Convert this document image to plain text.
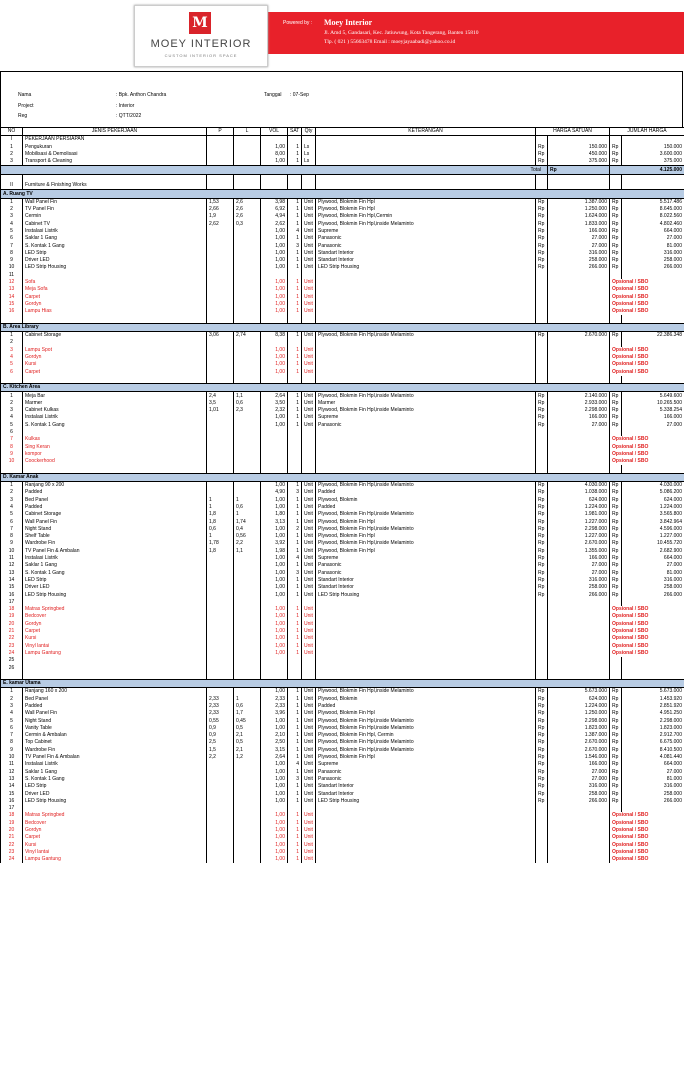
M
MOEY INTERIOR
CUSTOM INTERIOR SPACE
Powered by : Moey Interior
Jl. Amd 5, Gandasari, Kec. Jatiuwung, Kota Tangerang, Banten 15810
Tlp. ( 021 ) 55663478 Email : moeyjayaabadi@yahoo.co.id
Nama	: Bpk. Anthon Chandra	Tanggal : 07-Sep
Project	: Interior
Reg	: QTT/2022
NO	JENIS PEKERJAAN	P	L	VOL	SAT	Qty	KETERANGAN	HARGA SATUAN		JUMLAH HARGA	
I	PEKERJAAN PERSIAPAN										
1	Pengukuran			1,00	1	Ls		Rp	150.000	Rp	150.000
2	Mobilisasi & Demolisasi			8,00	1	Ls		Rp	450.000	Rp	3.600.000
3	Transport & Cleaning			1,00	1	Ls		Rp	375.000	Rp	375.000
Total									Rp	4.125.000	

II	Furniture & Finishing Works										
A. Ruang TV											
1	Wall Panel Fin	1,53	2,6	3,98	1	Unit	Plywood, Blokmin Fin Hpl	Rp	1.387.000	Rp	5.517.486
2	TV Panel Fin	2,66	2,6	6,92	1	Unit	Plywood, Blokmin Fin Hpl	Rp	1.250.000	Rp	8.645.000
3	Cermin	1,9	2,6	4,94	1	Unit	Plywood, Blokmin Fin Hpl,Cermin	Rp	1.624.000	Rp	8.022.560
4	Cabinet TV	2,62	0,3	2,62	1	Unit	Plywood, Blokmin Fin Hpl,inside Melaminto	Rp	1.833.000	Rp	4.802.460
5	Instalasi Listrik			1,00	4	Unit	Supreme	Rp	166.000	Rp	664.000
6	Saklar 1 Gang			1,00	1	Unit	Panasonic	Rp	27.000	Rp	27.000
7	S. Kontak 1 Gang			1,00	3	Unit	Panasonic	Rp	27.000	Rp	81.000
8	LED Strip			1,00	1	Unit	Standart Interior	Rp	316.000	Rp	316.000
9	Driver LED			1,00	1	Unit	Standart Interior	Rp	258.000	Rp	258.000
10	LED Strip Housing			1,00	1	Unit	LED Strip Housing	Rp	266.000	Rp	266.000
11											
12	Sofa			1,00	1	Unit				Opsional / SBO	
13	Meja Sofa			1,00	1	Unit				Opsional / SBO	
14	Carpet			1,00	1	Unit				Opsional / SBO	
15	Gordyn			1,00	1	Unit				Opsional / SBO	
16	Lampu Hias			1,00	1	Unit				Opsional / SBO	

B. Area Library											
1	Cabinet Storage	3,06	2,74	8,38	1	Unit	Plywood, Blokmin Fin Hpl,inside Melaminto	Rp	2.670.000	Rp	22.386.348
2											
3	Lampu Spot			1,00	1	Unit				Opsional / SBO	
4	Gordyn			1,00	1	Unit				Opsional / SBO	
5	Kursi			1,00	1	Unit				Opsional / SBO	
6	Carpet			1,00	1	Unit				Opsional / SBO	

C. Kitchen Area											
1	Meja Bar	2,4	1,1	2,64	1	Unit	Plywood, Blokmin Fin Hpl,inside Melaminto	Rp	2.140.000	Rp	5.649.600
2	Marmer	3,5	0,6	3,50	1	Unit	Marmer	Rp	2.933.000	Rp	10.265.500
3	Cabinet Kulkas	1,01	2,3	2,32	1	Unit	Plywood, Blokmin Fin Hpl,inside Melaminto	Rp	2.298.000	Rp	5.338.254
4	Instalasi Listrik			1,00	1	Unit	Supreme	Rp	166.000	Rp	166.000
5	S. Kontak 1 Gang			1,00	1	Unit	Panasonic	Rp	27.000	Rp	27.000
6											
7	Kulkas									Opsional / SBO	
8	Sing Keran									Opsional / SBO	
9	kompor									Opsional / SBO	
10	Coockerhood									Opsional / SBO	

D. Kamar Anak											
1	Ranjang 90 x 200			1,00	1	Unit	Plywood, Blokmin Fin Hpl,inside Melaminto	Rp	4.030.000	Rp	4.030.000
2	Padded			4,90	3	Unit	Padded	Rp	1.038.000	Rp	5.086.200
3	Bed Panel	1	1	1,00	1	Unit	Plywood, Blokmin	Rp	624.000	Rp	624.000
4	Padded	1	0,6	1,00	1	Unit	Padded	Rp	1.224.000	Rp	1.224.000
5	Cabinet Storage	1,8	1	1,80	1	Unit	Plywood, Blokmin Fin Hpl,inside Melaminto	Rp	1.981.000	Rp	3.565.800
6	Wall Panel Fin	1,8	1,74	3,13	1	Unit	Plywood, Blokmin Fin Hpl	Rp	1.227.000	Rp	3.842.964
7	Night Stand	0,6	0,4	1,00	2	Unit	Plywood, Blokmin Fin Hpl,inside Melaminto	Rp	2.298.000	Rp	4.596.000
8	Shelf Table	1	0,56	1,00	1	Unit	Plywood, Blokmin Fin Hpl	Rp	1.227.000	Rp	1.227.000
9	Wardrobe Fin	1,78	2,2	3,92	1	Unit	Plywood, Blokmin Fin Hpl,inside Melaminto	Rp	2.670.000	Rp	10.455.720
10	TV Panel Fin & Ambalan	1,8	1,1	1,98	1	Unit	Plywood, Blokmin Fin Hpl	Rp	1.355.000	Rp	2.682.900
11	Instalasi Listrik			1,00	4	Unit	Supreme	Rp	166.000	Rp	664.000
12	Saklar 1 Gang			1,00	1	Unit	Panasonic	Rp	27.000	Rp	27.000
13	S. Kontak 1 Gang			1,00	3	Unit	Panasonic	Rp	27.000	Rp	81.000
14	LED Strip			1,00	1	Unit	Standart Interior	Rp	316.000	Rp	316.000
15	Driver LED			1,00	1	Unit	Standart Interior	Rp	258.000	Rp	258.000
16	LED Strip Housing			1,00	1	Unit	LED Strip Housing	Rp	266.000	Rp	266.000
17											
18	Matras Springbed			1,00	1	Unit				Opsional / SBO	
19	Bedcover			1,00	1	Unit				Opsional / SBO	
20	Gordyn			1,00	1	Unit				Opsional / SBO	
21	Carpet			1,00	1	Unit				Opsional / SBO	
22	Kursi			1,00	1	Unit				Opsional / SBO	
23	Vinyl lantai			1,00	1	Unit				Opsional / SBO	
24	Lampu Gantung			1,00	1	Unit				Opsional / SBO	
25											
26											

E. kamar Utama											
1	Ranjang 160 x 200			1,00	1	Unit	Plywood, Blokmin Fin Hpl,inside Melaminto	Rp	5.673.000	Rp	5.673.000
2	Bed Panel	2,33	1	2,33	1	Unit	Plywood, Blokmin	Rp	624.000	Rp	1.453.920
3	Padded	2,33	0,6	2,33	1	Unit	Padded	Rp	1.224.000	Rp	2.851.920
4	Wall Panel Fin	2,33	1,7	3,96	1	Unit	Plywood, Blokmin Fin Hpl	Rp	1.250.000	Rp	4.951.250
5	Night Stand	0,55	0,45	1,00	1	Unit	Plywood, Blokmin Fin Hpl,inside Melaminto	Rp	2.298.000	Rp	2.298.000
6	Vanity Table	0,9	0,5	1,00	1	Unit	Plywood, Blokmin Fin Hpl,inside Melaminto	Rp	1.823.000	Rp	1.823.000
7	Cermin & Ambalan	0,9	2,1	2,10	1	Unit	Plywood, Blokmin Fin Hpl, Cermin	Rp	1.387.000	Rp	2.912.700
8	Top Cabinet	2,5	0,5	2,50	1	Unit	Plywood, Blokmin Fin Hpl,inside Melaminto	Rp	2.670.000	Rp	6.675.000
9	Wardrobe Fin	1,5	2,1	3,15	1	Unit	Plywood, Blokmin Fin Hpl,inside Melaminto	Rp	2.670.000	Rp	8.410.500
10	TV Panel Fin & Ambalan	2,2	1,2	2,64	1	Unit	Plywood, Blokmin Fin Hpl	Rp	1.546.000	Rp	4.081.440
11	Instalasi Listrik			1,00	4	Unit	Supreme	Rp	166.000	Rp	664.000
12	Saklar 1 Gang			1,00	1	Unit	Panasonic	Rp	27.000	Rp	27.000
13	S. Kontak 1 Gang			1,00	3	Unit	Panasonic	Rp	27.000	Rp	81.000
14	LED Strip			1,00	1	Unit	Standart Interior	Rp	316.000	Rp	316.000
15	Driver LED			1,00	1	Unit	Standart Interior	Rp	258.000	Rp	258.000
16	LED Strip Housing			1,00	1	Unit	LED Strip Housing	Rp	266.000	Rp	266.000
17											
18	Matras Springbed			1,00	1	Unit				Opsional / SBO	
19	Bedcover			1,00	1	Unit				Opsional / SBO	
20	Gordyn			1,00	1	Unit				Opsional / SBO	
21	Carpet			1,00	1	Unit				Opsional / SBO	
22	Kursi			1,00	1	Unit				Opsional / SBO	
23	Vinyl lantai			1,00	1	Unit				Opsional / SBO	
24	Lampu Gantung			1,00	1	Unit				Opsional / SBO	
